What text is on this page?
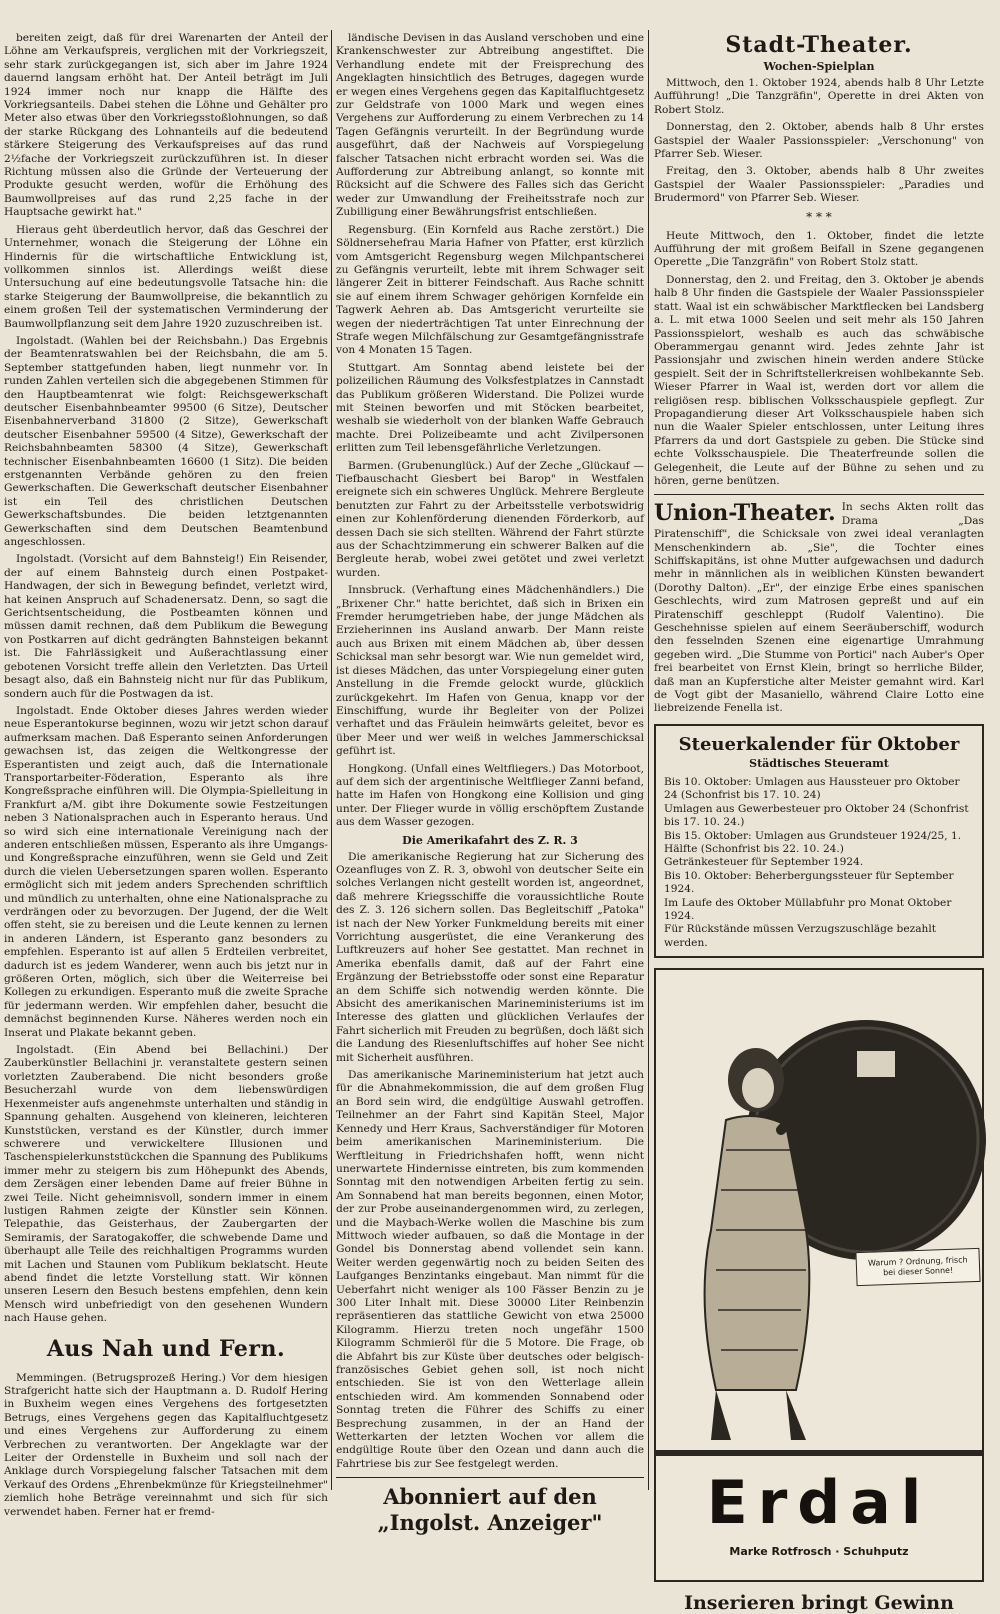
bereiten zeigt, daß für drei Warenarten der Anteil der Löhne am Verkaufspreis, verglichen mit der Vorkriegszeit, sehr stark zurückgegangen ist, sich aber im Jahre 1924 dauernd langsam erhöht hat. Der Anteil beträgt im Juli 1924 immer noch nur knapp die Hälfte des Vorkriegsanteils. Dabei stehen die Löhne und Gehälter pro Meter also etwas über den Vorkriegsstoßlohnungen, so daß der starke Rückgang des Lohnanteils auf die bedeutend stärkere Steigerung des Verkaufspreises auf das rund 2½fache der Vorkriegszeit zurückzuführen ist. In dieser Richtung müssen also die Gründe der Verteuerung der Produkte gesucht werden, wofür die Erhöhung des Baumwollpreises auf das rund 2,25 fache in der Hauptsache gewirkt hat."

Hieraus geht überdeutlich hervor, daß das Geschrei der Unternehmer, wonach die Steigerung der Löhne ein Hindernis für die wirtschaftliche Entwicklung ist, vollkommen sinnlos ist. Allerdings weißt diese Untersuchung auf eine bedeutungsvolle Tatsache hin: die starke Steigerung der Baumwollpreise, die bekanntlich zu einem großen Teil der systematischen Verminderung der Baumwollpflanzung seit dem Jahre 1920 zuzuschreiben ist.

Ingolstadt. (Wahlen bei der Reichsbahn.) Das Ergebnis der Beamtenratswahlen bei der Reichsbahn, die am 5. September stattgefunden haben, liegt nunmehr vor. In runden Zahlen verteilen sich die abgegebenen Stimmen für den Hauptbeamtenrat wie folgt: Reichsgewerkschaft deutscher Eisenbahnbeamter 99500 (6 Sitze), Deutscher Eisenbahnerverband 31800 (2 Sitze), Gewerkschaft deutscher Eisenbahner 59500 (4 Sitze), Gewerkschaft der Reichsbahnbeamten 58300 (4 Sitze), Gewerkschaft technischer Eisenbahnbeamten 16600 (1 Sitz). Die beiden erstgenannten Verbände gehören zu den freien Gewerkschaften. Die Gewerkschaft deutscher Eisenbahner ist ein Teil des christlichen Deutschen Gewerkschaftsbundes. Die beiden letztgenannten Gewerkschaften sind dem Deutschen Beamtenbund angeschlossen.

Ingolstadt. (Vorsicht auf dem Bahnsteig!) Ein Reisender, der auf einem Bahnsteig durch einen Postpaket-Handwagen, der sich in Bewegung befindet, verletzt wird, hat keinen Anspruch auf Schadenersatz. Denn, so sagt die Gerichtsentscheidung, die Postbeamten können und müssen damit rechnen, daß dem Publikum die Bewegung von Postkarren auf dicht gedrängten Bahnsteigen bekannt ist. Die Fahrlässigkeit und Außerachtlassung einer gebotenen Vorsicht treffe allein den Verletzten. Das Urteil besagt also, daß ein Bahnsteig nicht nur für das Publikum, sondern auch für die Postwagen da ist.

Ingolstadt. Ende Oktober dieses Jahres werden wieder neue Esperantokurse beginnen, wozu wir jetzt schon darauf aufmerksam machen. Daß Esperanto seinen Anforderungen gewachsen ist, das zeigen die Weltkongresse der Esperantisten und zeigt auch, daß die Internationale Transportarbeiter-Föderation, Esperanto als ihre Kongreßsprache einführen will. Die Olympia-Spielleitung in Frankfurt a/M. gibt ihre Dokumente sowie Festzeitungen neben 3 Nationalsprachen auch in Esperanto heraus. Und so wird sich eine internationale Vereinigung nach der anderen entschließen müssen, Esperanto als ihre Umgangs- und Kongreßsprache einzuführen, wenn sie Geld und Zeit durch die vielen Uebersetzungen sparen wollen. Esperanto ermöglicht sich mit jedem anders Sprechenden schriftlich und mündlich zu unterhalten, ohne eine Nationalsprache zu verdrängen oder zu bevorzugen. Der Jugend, der die Welt offen steht, sie zu bereisen und die Leute kennen zu lernen in anderen Ländern, ist Esperanto ganz besonders zu empfehlen. Esperanto ist auf allen 5 Erdteilen verbreitet, dadurch ist es jedem Wanderer, wenn auch bis jetzt nur in größeren Orten, möglich, sich über die Weiterreise bei Kollegen zu erkundigen. Esperanto muß die zweite Sprache für jedermann werden. Wir empfehlen daher, besucht die demnächst beginnenden Kurse. Näheres werden noch ein Inserat und Plakate bekannt geben.

Ingolstadt. (Ein Abend bei Bellachini.) Der Zauberkünstler Bellachini jr. veranstaltete gestern seinen vorletzten Zauberabend. Die nicht besonders große Besucherzahl wurde von dem liebenswürdigen Hexenmeister aufs angenehmste unterhalten und ständig in Spannung gehalten. Ausgehend von kleineren, leichteren Kunststücken, verstand es der Künstler, durch immer schwerere und verwickeltere Illusionen und Taschenspielerkunststückchen die Spannung des Publikums immer mehr zu steigern bis zum Höhepunkt des Abends, dem Zersägen einer lebenden Dame auf freier Bühne in zwei Teile. Nicht geheimnisvoll, sondern immer in einem lustigen Rahmen zeigte der Künstler sein Können. Telepathie, das Geisterhaus, der Zaubergarten der Semiramis, der Saratogakoffer, die schwebende Dame und überhaupt alle Teile des reichhaltigen Programms wurden mit Lachen und Staunen vom Publikum beklatscht. Heute abend findet die letzte Vorstellung statt. Wir können unseren Lesern den Besuch bestens empfehlen, denn kein Mensch wird unbefriedigt von den gesehenen Wundern nach Hause gehen.

Aus Nah und Fern.

Memmingen. (Betrugsprozeß Hering.) Vor dem hiesigen Strafgericht hatte sich der Hauptmann a. D. Rudolf Hering in Buxheim wegen eines Vergehens des fortgesetzten Betrugs, eines Vergehens gegen das Kapitalfluchtgesetz und eines Vergehens zur Aufforderung zu einem Verbrechen zu verantworten. Der Angeklagte war der Leiter der Ordenstelle in Buxheim und soll nach der Anklage durch Vorspiegelung falscher Tatsachen mit dem Verkauf des Ordens „Ehrenbekmünze für Kriegsteilnehmer" ziemlich hohe Beträge vereinnahmt und sich für sich verwendet haben. Ferner hat er fremd-

ländische Devisen in das Ausland verschoben und eine Krankenschwester zur Abtreibung angestiftet. Die Verhandlung endete mit der Freisprechung des Angeklagten hinsichtlich des Betruges, dagegen wurde er wegen eines Vergehens gegen das Kapitalfluchtgesetz zur Geldstrafe von 1000 Mark und wegen eines Vergehens zur Aufforderung zu einem Verbrechen zu 14 Tagen Gefängnis verurteilt. In der Begründung wurde ausgeführt, daß der Nachweis auf Vorspiegelung falscher Tatsachen nicht erbracht worden sei. Was die Aufforderung zur Abtreibung anlangt, so konnte mit Rücksicht auf die Schwere des Falles sich das Gericht weder zur Umwandlung der Freiheitsstrafe noch zur Zubilligung einer Bewährungsfrist entschließen.

Regensburg. (Ein Kornfeld aus Rache zerstört.) Die Söldnersehefrau Maria Hafner von Pfatter, erst kürzlich vom Amtsgericht Regensburg wegen Milchpantscherei zu Gefängnis verurteilt, lebte mit ihrem Schwager seit längerer Zeit in bitterer Feindschaft. Aus Rache schnitt sie auf einem ihrem Schwager gehörigen Kornfelde ein Tagwerk Aehren ab. Das Amtsgericht verurteilte sie wegen der niederträchtigen Tat unter Einrechnung der Strafe wegen Milchfälschung zur Gesamtgefängnisstrafe von 4 Monaten 15 Tagen.

Stuttgart. Am Sonntag abend leistete bei der polizeilichen Räumung des Volksfestplatzes in Cannstadt das Publikum größeren Widerstand. Die Polizei wurde mit Steinen beworfen und mit Stöcken bearbeitet, weshalb sie wiederholt von der blanken Waffe Gebrauch machte. Drei Polizeibeamte und acht Zivilpersonen erlitten zum Teil lebensgefährliche Verletzungen.

Barmen. (Grubenunglück.) Auf der Zeche „Glückauf — Tiefbauschacht Giesbert bei Barop" in Westfalen ereignete sich ein schweres Unglück. Mehrere Bergleute benutzten zur Fahrt zu der Arbeitsstelle verbotswidrig einen zur Kohlenförderung dienenden Förderkorb, auf dessen Dach sie sich stellten. Während der Fahrt stürzte aus der Schachtzimmerung ein schwerer Balken auf die Bergleute herab, wobei zwei getötet und zwei verletzt wurden.

Innsbruck. (Verhaftung eines Mädchenhändlers.) Die „Brixener Chr." hatte berichtet, daß sich in Brixen ein Fremder herumgetrieben habe, der junge Mädchen als Erzieherinnen ins Ausland anwarb. Der Mann reiste auch aus Brixen mit einem Mädchen ab, über dessen Schicksal man sehr besorgt war. Wie nun gemeldet wird, ist dieses Mädchen, das unter Vorspiegelung einer guten Anstellung in die Fremde gelockt wurde, glücklich zurückgekehrt. Im Hafen von Genua, knapp vor der Einschiffung, wurde ihr Begleiter von der Polizei verhaftet und das Fräulein heimwärts geleitet, bevor es über Meer und wer weiß in welches Jammerschicksal geführt ist.

Hongkong. (Unfall eines Weltfliegers.) Das Motorboot, auf dem sich der argentinische Weltflieger Zanni befand, hatte im Hafen von Hongkong eine Kollision und ging unter. Der Flieger wurde in völlig erschöpftem Zustande aus dem Wasser gezogen.

Die Amerikafahrt des Z. R. 3

Die amerikanische Regierung hat zur Sicherung des Ozeanfluges von Z. R. 3, obwohl von deutscher Seite ein solches Verlangen nicht gestellt worden ist, angeordnet, daß mehrere Kriegsschiffe die voraussichtliche Route des Z. 3. 126 sichern sollen. Das Begleitschiff „Patoka" ist nach der New Yorker Funkmeldung bereits mit einer Vorrichtung ausgerüstet, die eine Verankerung des Luftkreuzers auf hoher See gestattet. Man rechnet in Amerika ebenfalls damit, daß auf der Fahrt eine Ergänzung der Betriebsstoffe oder sonst eine Reparatur an dem Schiffe sich notwendig werden könnte. Die Absicht des amerikanischen Marineministeriums ist im Interesse des glatten und glücklichen Verlaufes der Fahrt sicherlich mit Freuden zu begrüßen, doch läßt sich die Landung des Riesenluftschiffes auf hoher See nicht mit Sicherheit ausführen.

Das amerikanische Marineministerium hat jetzt auch für die Abnahmekommission, die auf dem großen Flug an Bord sein wird, die endgültige Auswahl getroffen. Teilnehmer an der Fahrt sind Kapitän Steel, Major Kennedy und Herr Kraus, Sachverständiger für Motoren beim amerikanischen Marineministerium. Die Werftleitung in Friedrichshafen hofft, wenn nicht unerwartete Hindernisse eintreten, bis zum kommenden Sonntag mit den notwendigen Arbeiten fertig zu sein. Am Sonnabend hat man bereits begonnen, einen Motor, der zur Probe auseinandergenommen wird, zu zerlegen, und die Maybach-Werke wollen die Maschine bis zum Mittwoch wieder aufbauen, so daß die Montage in der Gondel bis Donnerstag abend vollendet sein kann. Weiter werden gegenwärtig noch zu beiden Seiten des Laufganges Benzintanks eingebaut. Man nimmt für die Ueberfahrt nicht weniger als 100 Fässer Benzin zu je 300 Liter Inhalt mit. Diese 30000 Liter Reinbenzin repräsentieren das stattliche Gewicht von etwa 25000 Kilogramm. Hierzu treten noch ungefähr 1500 Kilogramm Schmieröl für die 5 Motore. Die Frage, ob die Abfahrt bis zur Küste über deutsches oder belgisch-französisches Gebiet gehen soll, ist noch nicht entschieden. Sie ist von den Wetterlage allein entschieden wird. Am kommenden Sonnabend oder Sonntag treten die Führer des Schiffs zu einer Besprechung zusammen, in der an Hand der Wetterkarten der letzten Wochen vor allem die endgültige Route über den Ozean und dann auch die Fahrtriese bis zur See festgelegt werden.

Abonniert auf den
„Ingolst. Anzeiger"
Stadt-Theater.
Wochen-Spielplan

Mittwoch, den 1. Oktober 1924, abends halb 8 Uhr Letzte Aufführung! „Die Tanzgräfin", Operette in drei Akten von Robert Stolz.

Donnerstag, den 2. Oktober, abends halb 8 Uhr erstes Gastspiel der Waaler Passionsspieler: „Verschonung" von Pfarrer Seb. Wieser.

Freitag, den 3. Oktober, abends halb 8 Uhr zweites Gastspiel der Waaler Passionsspieler: „Paradies und Brudermord" von Pfarrer Seb. Wieser.

* * *

Heute Mittwoch, den 1. Oktober, findet die letzte Aufführung der mit großem Beifall in Szene gegangenen Operette „Die Tanzgräfin" von Robert Stolz statt.

Donnerstag, den 2. und Freitag, den 3. Oktober je abends halb 8 Uhr finden die Gastspiele der Waaler Passionsspieler statt. Waal ist ein schwäbischer Marktflecken bei Landsberg a. L. mit etwa 1000 Seelen und seit mehr als 150 Jahren Passionsspielort, weshalb es auch das schwäbische Oberammergau genannt wird. Jedes zehnte Jahr ist Passionsjahr und zwischen hinein werden andere Stücke gespielt. Seit der in Schriftstellerkreisen wohlbekannte Seb. Wieser Pfarrer in Waal ist, werden dort vor allem die religiösen resp. biblischen Volksschauspiele gepflegt. Zur Propagandierung dieser Art Volksschauspiele haben sich nun die Waaler Spieler entschlossen, unter Leitung ihres Pfarrers da und dort Gastspiele zu geben. Die Stücke sind echte Volksschauspiele. Die Theaterfreunde sollen die Gelegenheit, die Leute auf der Bühne zu sehen und zu hören, gerne benützen.

Union-Theater. In sechs Akten rollt das Drama „Das Piratenschiff", die Schicksale von zwei ideal veranlagten Menschenkindern ab. „Sie", die Tochter eines Schiffskapitäns, ist ohne Mutter aufgewachsen und dadurch mehr in männlichen als in weiblichen Künsten bewandert (Dorothy Dalton). „Er", der einzige Erbe eines spanischen Geschlechts, wird zum Matrosen gepreßt und auf ein Piratenschiff geschleppt (Rudolf Valentino). Die Geschehnisse spielen auf einem Seeräuberschiff, wodurch den fesselnden Szenen eine eigenartige Umrahmung gegeben wird. „Die Stumme von Portici" nach Auber's Oper frei bearbeitet von Ernst Klein, bringt so herrliche Bilder, daß man an Kupferstiche alter Meister gemahnt wird. Karl de Vogt gibt der Masaniello, während Claire Lotto eine liebreizende Fenella ist.

Steuerkalender für Oktober
Städtisches Steueramt

Bis 10. Oktober: Umlagen aus Haussteuer pro Oktober 24 (Schonfrist bis 17. 10. 24)

Umlagen aus Gewerbesteuer pro Oktober 24 (Schonfrist bis 17. 10. 24.)

Bis 15. Oktober: Umlagen aus Grundsteuer 1924/25, 1. Hälfte (Schonfrist bis 22. 10. 24.)

Getränkesteuer für September 1924.

Bis 10. Oktober: Beherbergungssteuer für September 1924.

Im Laufe des Oktober Müllabfuhr pro Monat Oktober 1924.

Für Rückstände müssen Verzugszuschläge bezahlt werden.

Warum ? Ordnung, frisch bei dieser Sonne!
Erdal
Marke Rotfrosch · Schuhputz
Inserieren bringt Gewinn
